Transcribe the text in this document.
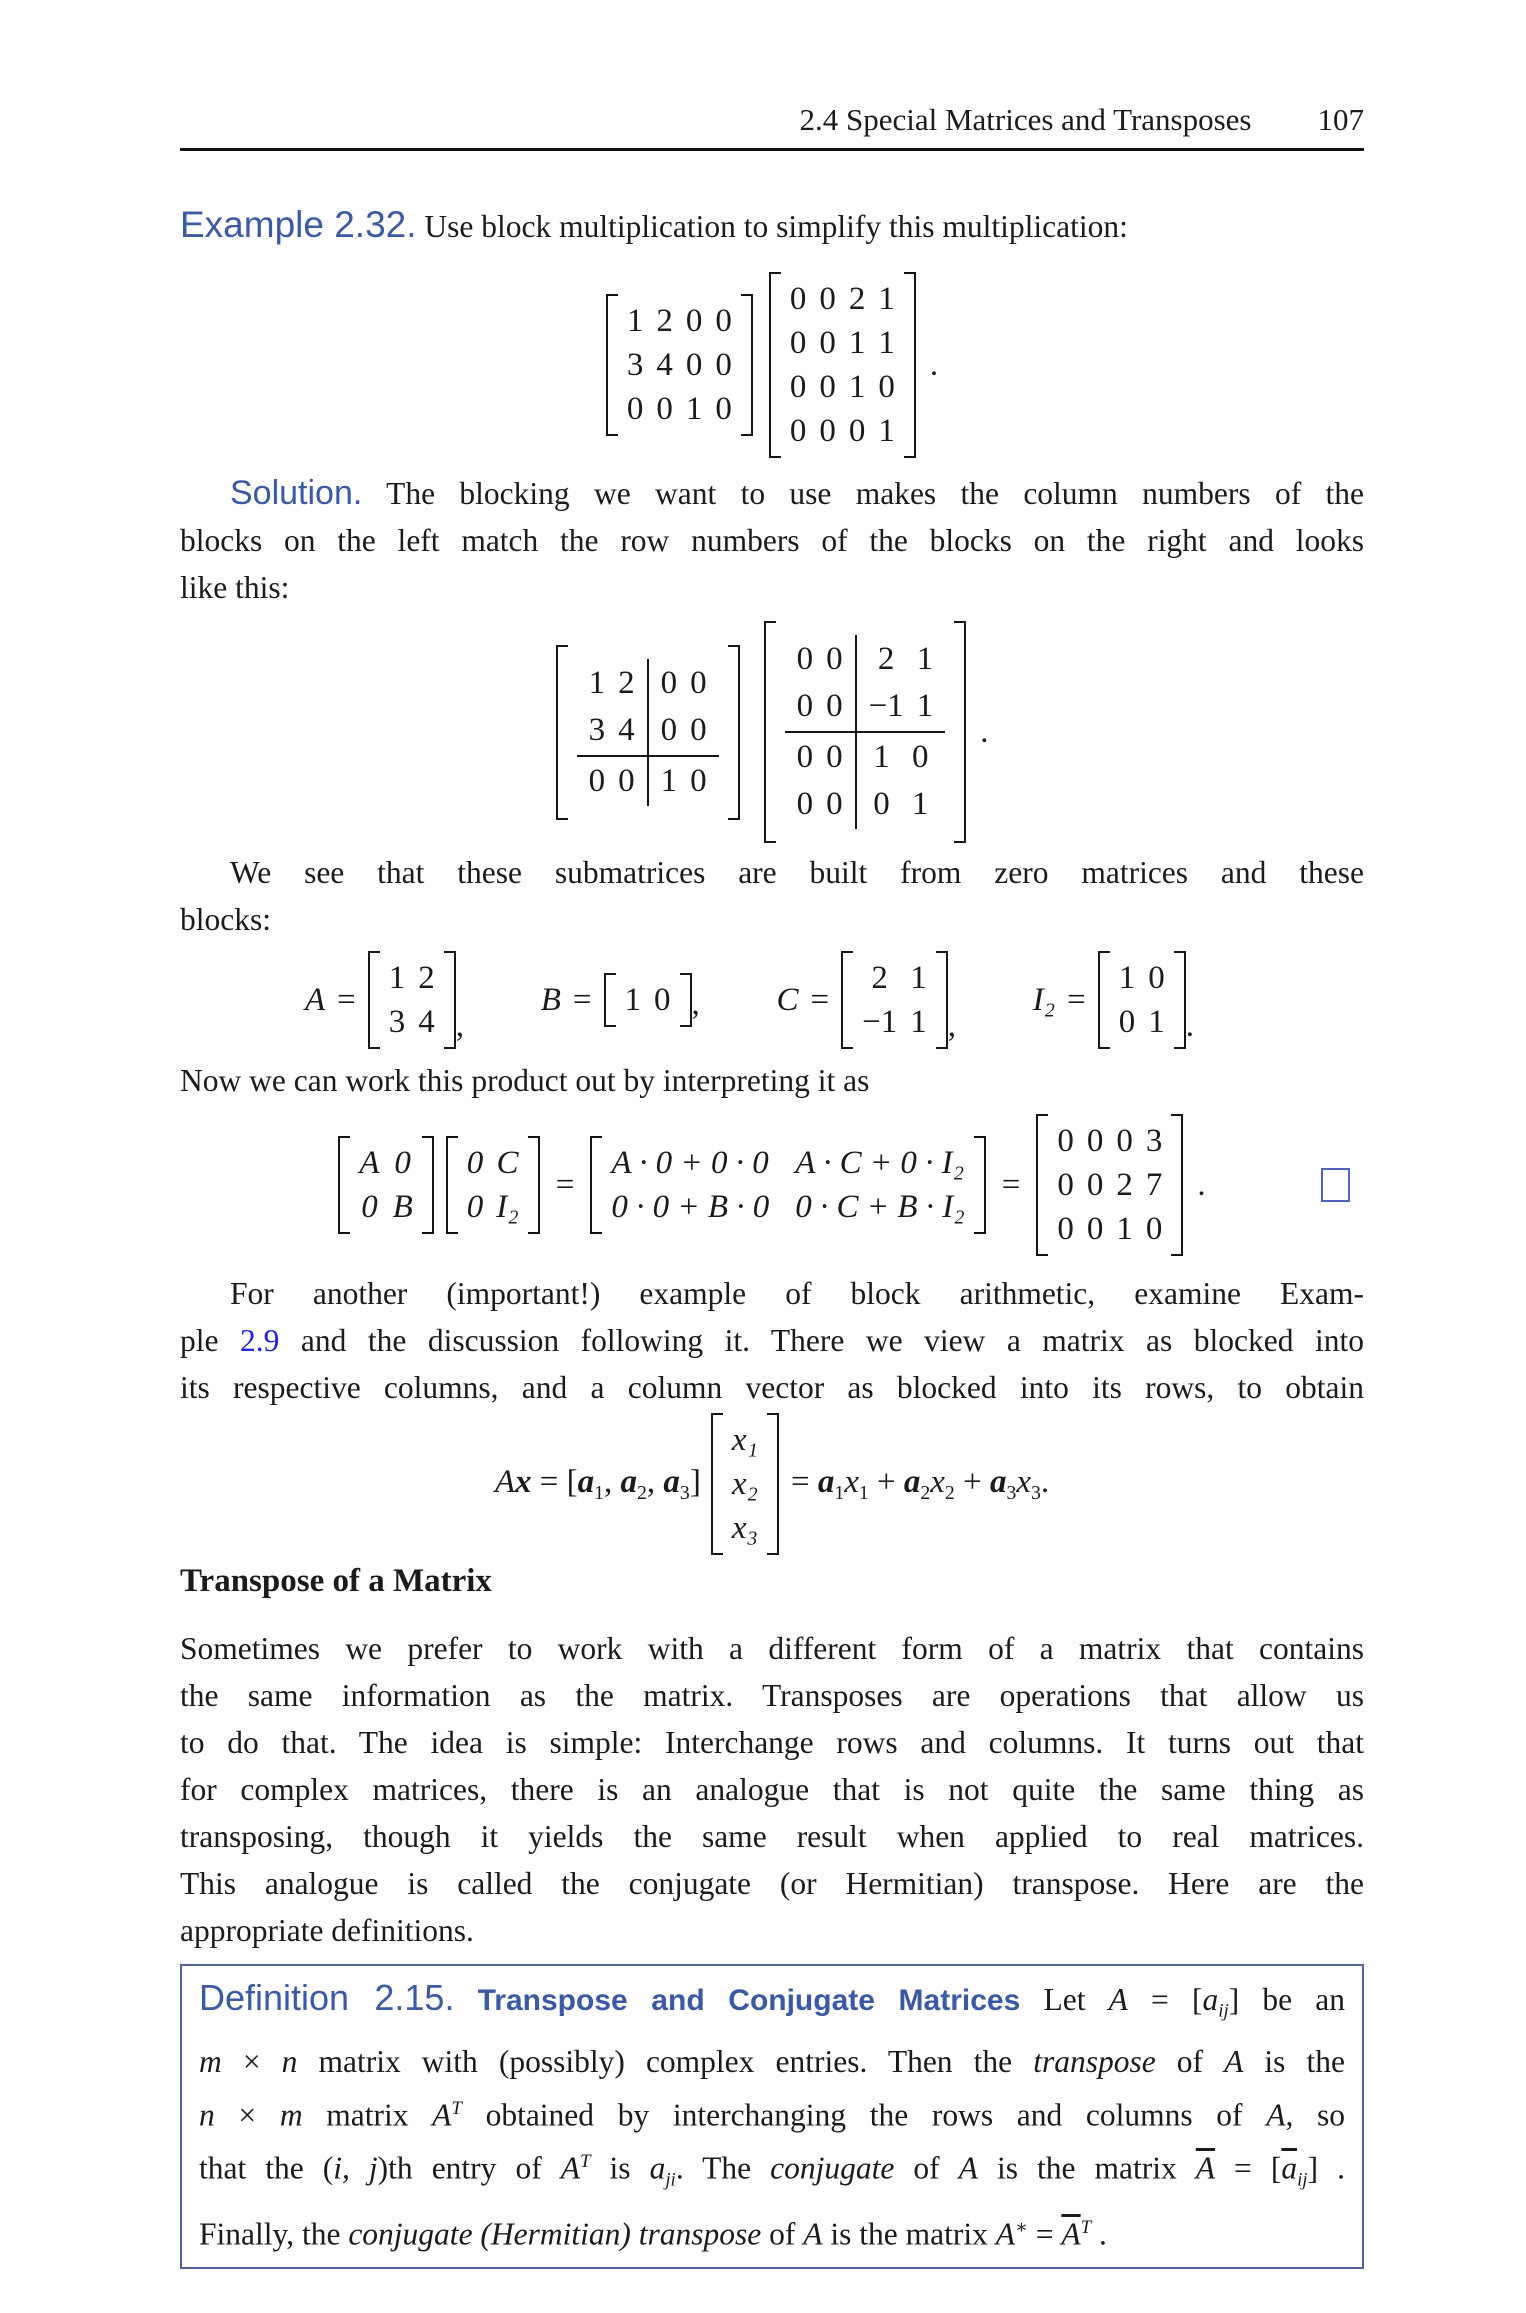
2.4 Special Matrices and Transposes 107
Example 2.32. Use block multiplication to simplify this multiplication:
1 2 0 0
3 4 0 0
0 0 1 0
0 0 2 1
0 0 1 1
0 0 1 0
0 0 0 1
.
Solution. The blocking we want to use makes the column numbers of the
blocks on the left match the row numbers of the blocks on the right and looks
like this:
1 2
3 4
0 0
0 0
0 0 1 0
0 0
0 0
2 1
−1 1
0 0
0 0
1 0
0 1
.
We see that these submatrices are built from zero matrices and these
blocks:
A =
1 2
3 4 ,
B = 1 0 , C =
2 1
−1 1 ,
I₂ =
1 0
0 1 .
Now we can work this product out by interpreting it as
A 0
0 B
0 C
0 I₂
=
A · 0 + 0 · 0 A · C + 0 · I₂
0 · 0 + B · 0 0 · C + B · I₂
=
0 0 0 3
0 0 2 7
0 0 1 0
.
For another (important!) example of block arithmetic, examine Exam-
ple 2.9 and the discussion following it. There we view a matrix as blocked into
its respective columns, and a column vector as blocked into its rows, to obtain
$Ax = [a_1$, $a_2$, $a_3$]
x₁
x₂
x₃
= $a_1x_1 + a_2x_2 + a_3x_3$.
Transpose of a Matrix
Sometimes we prefer to work with a different form of a matrix that contains
the same information as the matrix. Transposes are operations that allow us
to do that. The idea is simple: Interchange rows and columns. It turns out that
for complex matrices, there is an analogue that is not quite the same thing as
transposing, though it yields the same result when applied to real matrices.
This analogue is called the conjugate (or Hermitian) transpose. Here are the
appropriate definitions.
Definition 2.15. Transpose and Conjugate Matrices Let $A = [a_{ij}]$ be an
m × n matrix with (possibly) complex entries. Then the transpose of A is the
n × m matrix $A^T$ obtained by interchanging the rows and columns of A, so
that the (i, j)th entry of $A^T$ is $a_{ji}$. The conjugate of A is the matrix $\overline{A} = [\overline{a}_{ij}]$ .
Finally, the conjugate (Hermitian) transpose of A is the matrix $A^∗ = \overline{A}^T$ .
